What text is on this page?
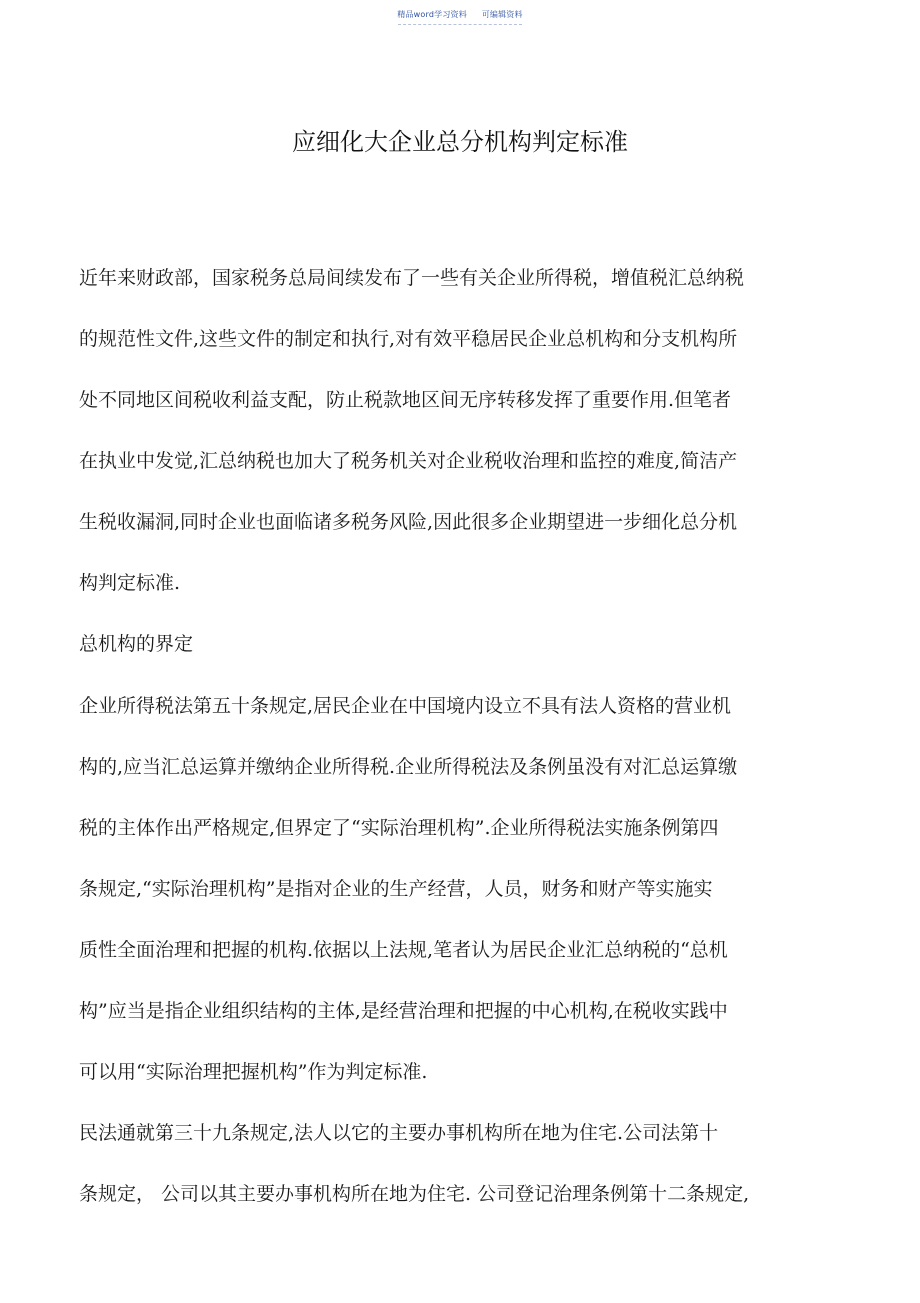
精品word学习资料 可编辑资料
应细化大企业总分机构判定标准
近年来财政部，国家税务总局间续发布了一些有关企业所得税，增值税汇总纳税
的规范性文件,这些文件的制定和执行,对有效平稳居民企业总机构和分支机构所
处不同地区间税收利益支配，防止税款地区间无序转移发挥了重要作用.但笔者
在执业中发觉,汇总纳税也加大了税务机关对企业税收治理和监控的难度,简洁产
生税收漏洞,同时企业也面临诸多税务风险,因此很多企业期望进一步细化总分机
构判定标准.
总机构的界定
企业所得税法第五十条规定,居民企业在中国境内设立不具有法人资格的营业机
构的,应当汇总运算并缴纳企业所得税.企业所得税法及条例虽没有对汇总运算缴
税的主体作出严格规定,但界定了“实际治理机构”.企业所得税法实施条例第四
条规定,“实际治理机构”是指对企业的生产经营，人员，财务和财产等实施实
质性全面治理和把握的机构.依据以上法规,笔者认为居民企业汇总纳税的“总机
构”应当是指企业组织结构的主体,是经营治理和把握的中心机构,在税收实践中
可以用“实际治理把握机构”作为判定标准.
民法通就第三十九条规定,法人以它的主要办事机构所在地为住宅.公司法第十
条规定， 公司以其主要办事机构所在地为住宅. 公司登记治理条例第十二条规定,
